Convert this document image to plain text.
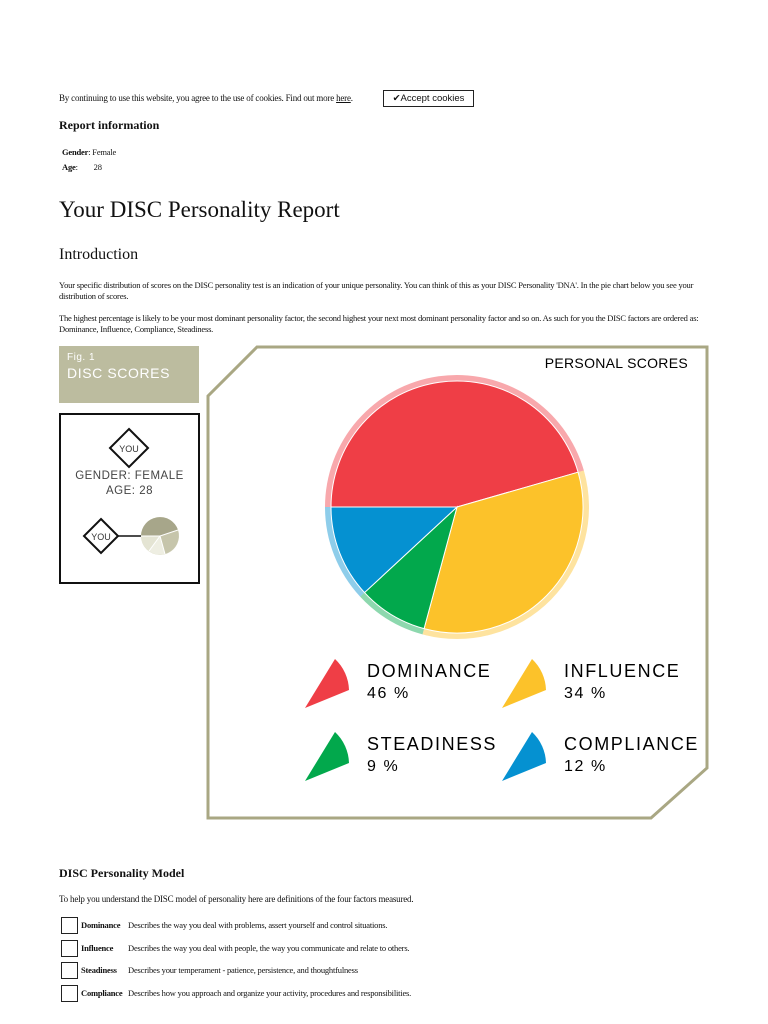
By continuing to use this website, you agree to the use of cookies. Find out more here.	✔Accept cookies
Report information
Gender: Female
Age: 28
Your DISC Personality Report
Introduction
Your specific distribution of scores on the DISC personality test is an indication of your unique personality. You can think of this as your DISC Personality 'DNA'. In the pie chart below you see your distribution of scores.
The highest percentage is likely to be your most dominant personality factor, the second highest your next most dominant personality factor and so on. As such for you the DISC factors are ordered as: Dominance, Influence, Compliance, Steadiness.
Fig. 1
DISC SCORES
YOU
YOU
GENDER: FEMALE
AGE: 28
PERSONAL SCORES
DOMINANCE
46 %
INFLUENCE
34 %
STEADINESS
9 %
COMPLIANCE
12 %
DISC Personality Model
To help you understand the DISC model of personality here are definitions of the four factors measured.
Dominance Describes the way you deal with problems, assert yourself and control situations.
Influence	Describes the way you deal with people, the way you communicate and relate to others.
Steadiness	Describes your temperament - patience, persistence, and thoughtfulness
Compliance Describes how you approach and organize your activity, procedures and responsibilities.
